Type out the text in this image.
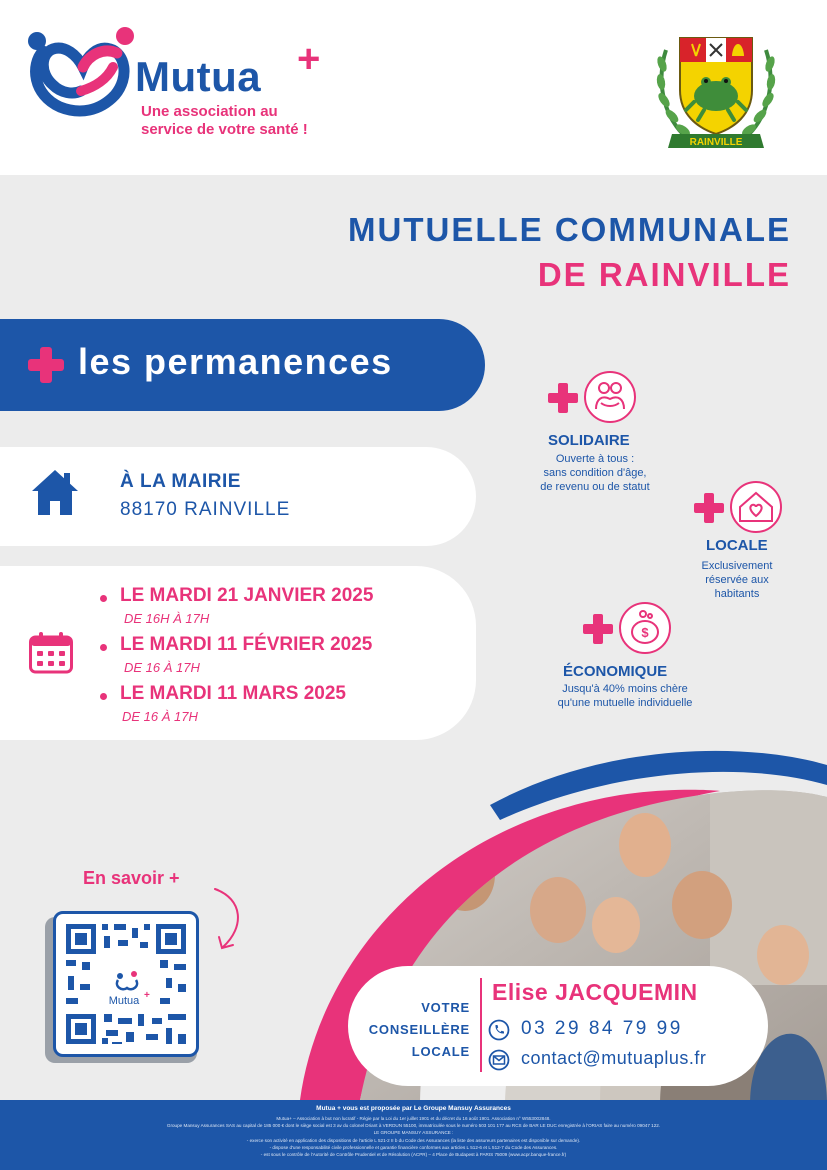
Mutua +
Une association au
service de votre santé !
RAINVILLE
MUTUELLE COMMUNALE
DE RAINVILLE
les permanences
À LA MAIRIE
88170 RAINVILLE
LE MARDI 21 JANVIER 2025
DE 16H À 17H
LE MARDI 11 FÉVRIER 2025
DE 16 À 17H
LE MARDI 11 MARS 2025
DE 16 À 17H
SOLIDAIRE
Ouverte à tous :
sans condition d'âge,
de revenu ou de statut
LOCALE
Exclusivement
réservée aux
habitants
$
ÉCONOMIQUE
Jusqu'à 40% moins chère
qu'une mutuelle individuelle
En savoir +
Mutua +
VOTRE
CONSEILLÈRE
LOCALE
Elise JACQUEMIN
03 29 84 79 99
contact@mutuaplus.fr
Mutua + vous est proposée par Le Groupe Mansuy Assurances
Mutua+ – Association à but non lucratif - Régie par la Loi du 1er juillet 1901 et du décret du 16 août 1901. Association n° W553002848.
Groupe Mansuy Assurances SAS au capital de 185 000 € dont le siège social est 3 av du colonel Driant à VERDUN 55100, immatriculée sous le numéro 503 101 177 au RCS de BAR LE DUC enregistrée à l'ORIAS faire au numéro 09047 122.
LE GROUPE MANSUY ASSURANCE :
- exerce son activité en application des dispositions de l'article L 521-2 II b du Code des Assurances (la liste des assureurs partenaires est disponible sur demande).
- dispose d'une responsabilité civile professionnelle et garantie financière conformes aux articles L 512-6 et L 512-7 du Code des Assurances.
- est sous le contrôle de l'Autorité de Contrôle Prudentiel et de Résolution (ACPR) – 4 Place de Budapest à PARIS 75009 (www.acpr.banque-france.fr)
